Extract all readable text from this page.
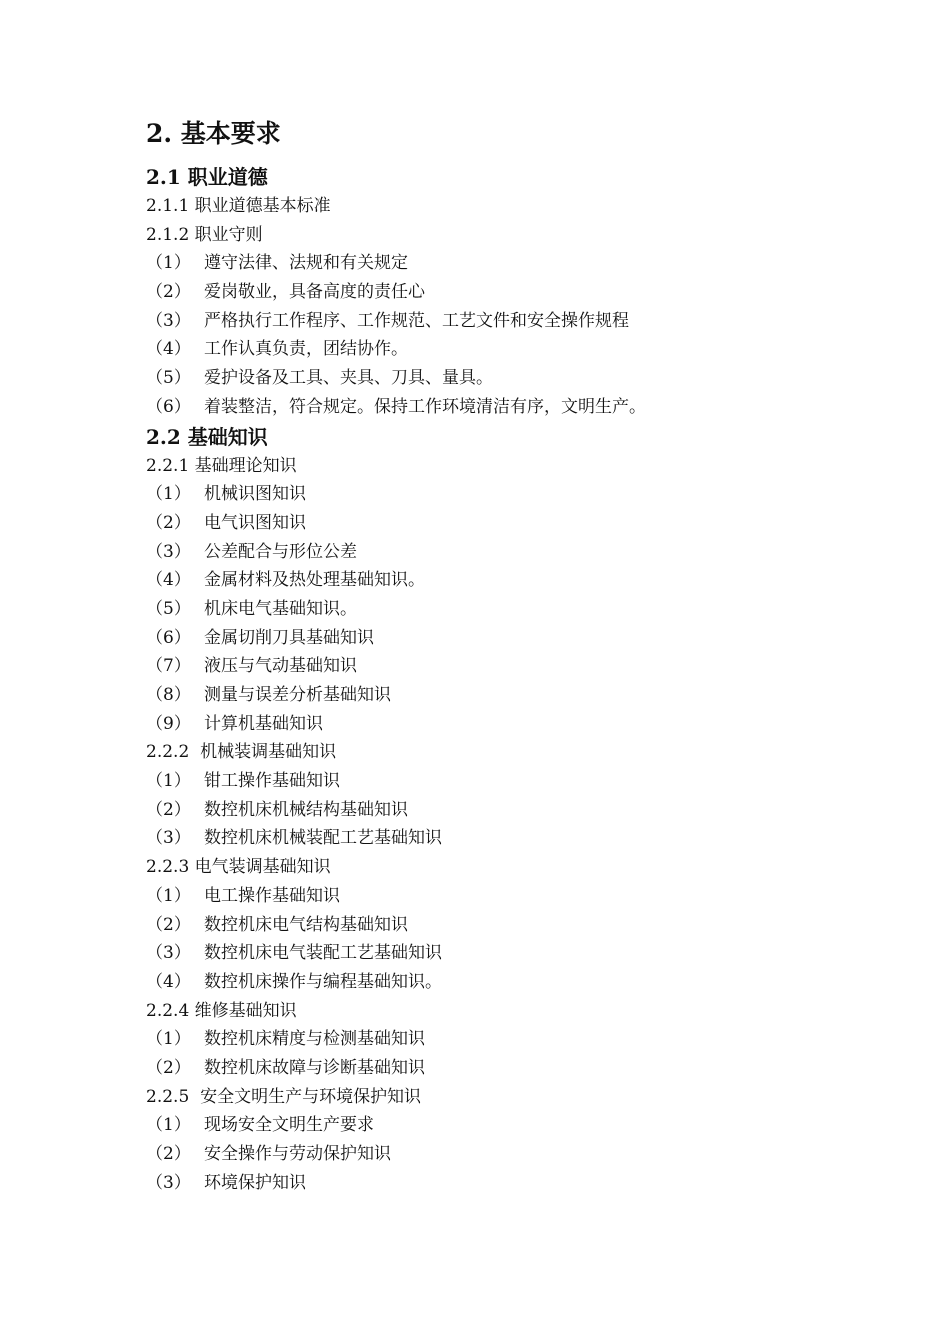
2. 基本要求
2.1 职业道德
2.1.1 职业道德基本标准
2.1.2 职业守则
（1） 遵守法律、法规和有关规定
（2） 爱岗敬业，具备高度的责任心
（3） 严格执行工作程序、工作规范、工艺文件和安全操作规程
（4） 工作认真负责，团结协作。
（5） 爱护设备及工具、夹具、刀具、量具。
（6） 着装整洁，符合规定。保持工作环境清洁有序，文明生产。
2.2 基础知识
2.2.1 基础理论知识
（1） 机械识图知识
（2） 电气识图知识
（3） 公差配合与形位公差
（4） 金属材料及热处理基础知识。
（5） 机床电气基础知识。
（6） 金属切削刀具基础知识
（7） 液压与气动基础知识
（8） 测量与误差分析基础知识
（9） 计算机基础知识
2.2.2  机械装调基础知识
（1） 钳工操作基础知识
（2） 数控机床机械结构基础知识
（3） 数控机床机械装配工艺基础知识
2.2.3 电气装调基础知识
（1） 电工操作基础知识
（2） 数控机床电气结构基础知识
（3） 数控机床电气装配工艺基础知识
（4） 数控机床操作与编程基础知识。
2.2.4 维修基础知识
（1） 数控机床精度与检测基础知识
（2） 数控机床故障与诊断基础知识
2.2.5  安全文明生产与环境保护知识
（1） 现场安全文明生产要求
（2） 安全操作与劳动保护知识
（3） 环境保护知识
